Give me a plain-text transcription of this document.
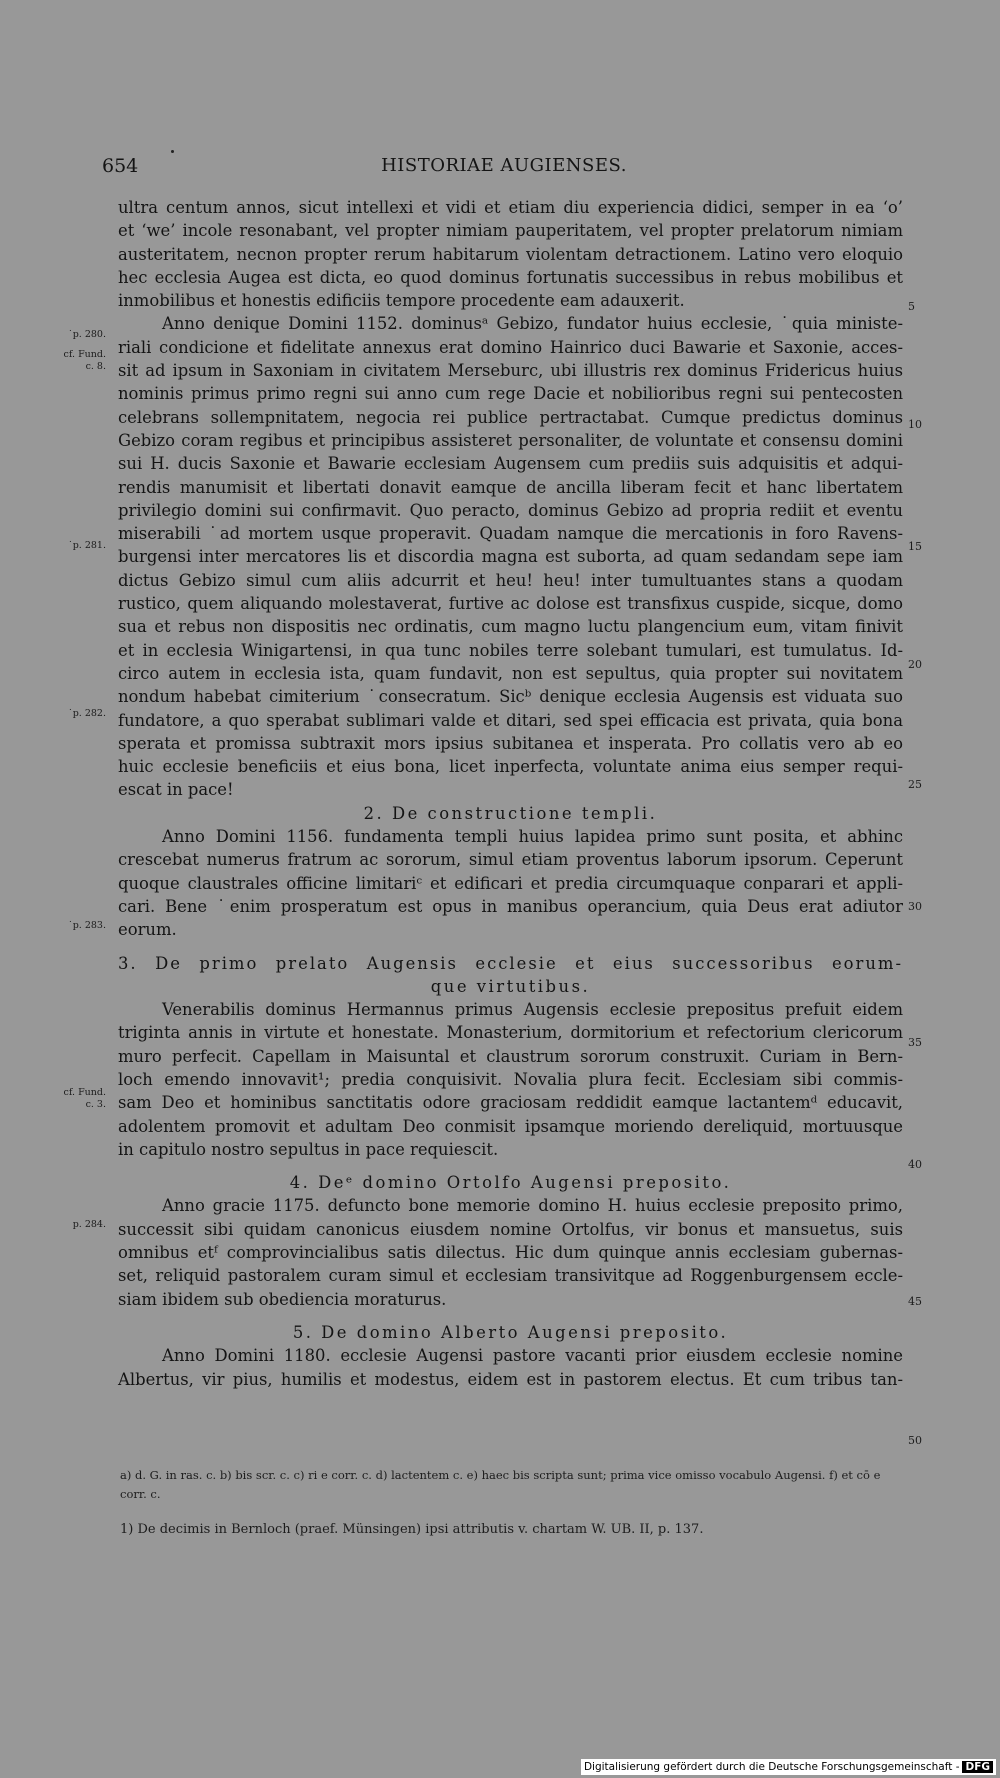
654	HISTORIAE AUGIENSES.
ultra centum annos, sicut intellexi et vidi et etiam diu experiencia didici, semper in ea ‘o’
et ‘we’ incole resonabant, vel propter nimiam pauperitatem, vel propter prelatorum nimiam
austeritatem, necnon propter rerum habitarum violentam detractionem. Latino vero eloquio
hec ecclesia Augea est dicta, eo quod dominus fortunatis successibus in rebus mobilibus et
inmobilibus et honestis edificiis tempore procedente eam adauxerit.
Anno denique Domini 1152. dominusᵃ Gebizo, fundator huius ecclesie, ˙quia ministe-
riali condicione et fidelitate annexus erat domino Hainrico duci Bawarie et Saxonie, acces-
sit ad ipsum in Saxoniam in civitatem Merseburc, ubi illustris rex dominus Fridericus huius
nominis primus primo regni sui anno cum rege Dacie et nobilioribus regni sui pentecosten
celebrans sollempnitatem, negocia rei publice pertractabat. Cumque predictus dominus
Gebizo coram regibus et principibus assisteret personaliter, de voluntate et consensu domini
sui H. ducis Saxonie et Bawarie ecclesiam Augensem cum prediis suis adquisitis et adqui-
rendis manumisit et libertati donavit eamque de ancilla liberam fecit et hanc libertatem
privilegio domini sui confirmavit. Quo peracto, dominus Gebizo ad propria rediit et eventu
miserabili ˙ad mortem usque properavit. Quadam namque die mercationis in foro Ravens-
burgensi inter mercatores lis et discordia magna est suborta, ad quam sedandam sepe iam
dictus Gebizo simul cum aliis adcurrit et heu! heu! inter tumultuantes stans a quodam
rustico, quem aliquando molestaverat, furtive ac dolose est transfixus cuspide, sicque, domo
sua et rebus non dispositis nec ordinatis, cum magno luctu plangencium eum, vitam finivit
et in ecclesia Winigartensi, in qua tunc nobiles terre solebant tumulari, est tumulatus. Id-
circo autem in ecclesia ista, quam fundavit, non est sepultus, quia propter sui novitatem
nondum habebat cimiterium ˙consecratum. Sicᵇ denique ecclesia Augensis est viduata suo
fundatore, a quo sperabat sublimari valde et ditari, sed spei efficacia est privata, quia bona
sperata et promissa subtraxit mors ipsius subitanea et insperata. Pro collatis vero ab eo
huic ecclesie beneficiis et eius bona, licet inperfecta, voluntate anima eius semper requi-
escat in pace!
2. De constructione templi.
Anno Domini 1156. fundamenta templi huius lapidea primo sunt posita, et abhinc
crescebat numerus fratrum ac sororum, simul etiam proventus laborum ipsorum. Ceperunt
quoque claustrales officine limitariᶜ et edificari et predia circumquaque conparari et appli-
cari. Bene ˙enim prosperatum est opus in manibus operancium, quia Deus erat adiutor
eorum.
3. De primo prelato Augensis ecclesie et eius successoribus eorum-
que virtutibus.
Venerabilis dominus Hermannus primus Augensis ecclesie prepositus prefuit eidem
triginta annis in virtute et honestate. Monasterium, dormitorium et refectorium clericorum
muro perfecit. Capellam in Maisuntal et claustrum sororum construxit. Curiam in Bern-
loch emendo innovavit¹; predia conquisivit. Novalia plura fecit. Ecclesiam sibi commis-
sam Deo et hominibus sanctitatis odore graciosam reddidit eamque lactantemᵈ educavit,
adolentem promovit et adultam Deo conmisit ipsamque moriendo dereliquid, mortuusque
in capitulo nostro sepultus in pace requiescit.
4. Deᵉ domino Ortolfo Augensi preposito.
Anno gracie 1175. defuncto bone memorie domino H. huius ecclesie preposito primo,
successit sibi quidam canonicus eiusdem nomine Ortolfus, vir bonus et mansuetus, suis
omnibus etᶠ comprovincialibus satis dilectus. Hic dum quinque annis ecclesiam gubernas-
set, reliquid pastoralem curam simul et ecclesiam transivitque ad Roggenburgensem eccle-
siam ibidem sub obediencia moraturus.
5. De domino Alberto Augensi preposito.
Anno Domini 1180. ecclesie Augensi pastore vacanti prior eiusdem ecclesie nomine
Albertus, vir pius, humilis et modestus, eidem est in pastorem electus. Et cum tribus tan-
˙p. 280.
cf. Fund.
c. 8.
˙p. 281.
˙p. 282.
˙p. 283.
cf. Fund.
c. 3.
p. 284.
5
10
15
20
25
30
35
40
45
50
a) d. G. in ras. c. b) bis scr. c. c) ri e corr. c. d) lactentem c. e) haec bis scripta sunt; prima vice omisso vocabulo Augensi. f) et cō e corr. c.
1) De decimis in Bernloch (praef. Münsingen) ipsi attributis v. chartam W. UB. II, p. 137.
Digitalisierung gefördert durch die Deutsche Forschungsgemeinschaft - DFG
